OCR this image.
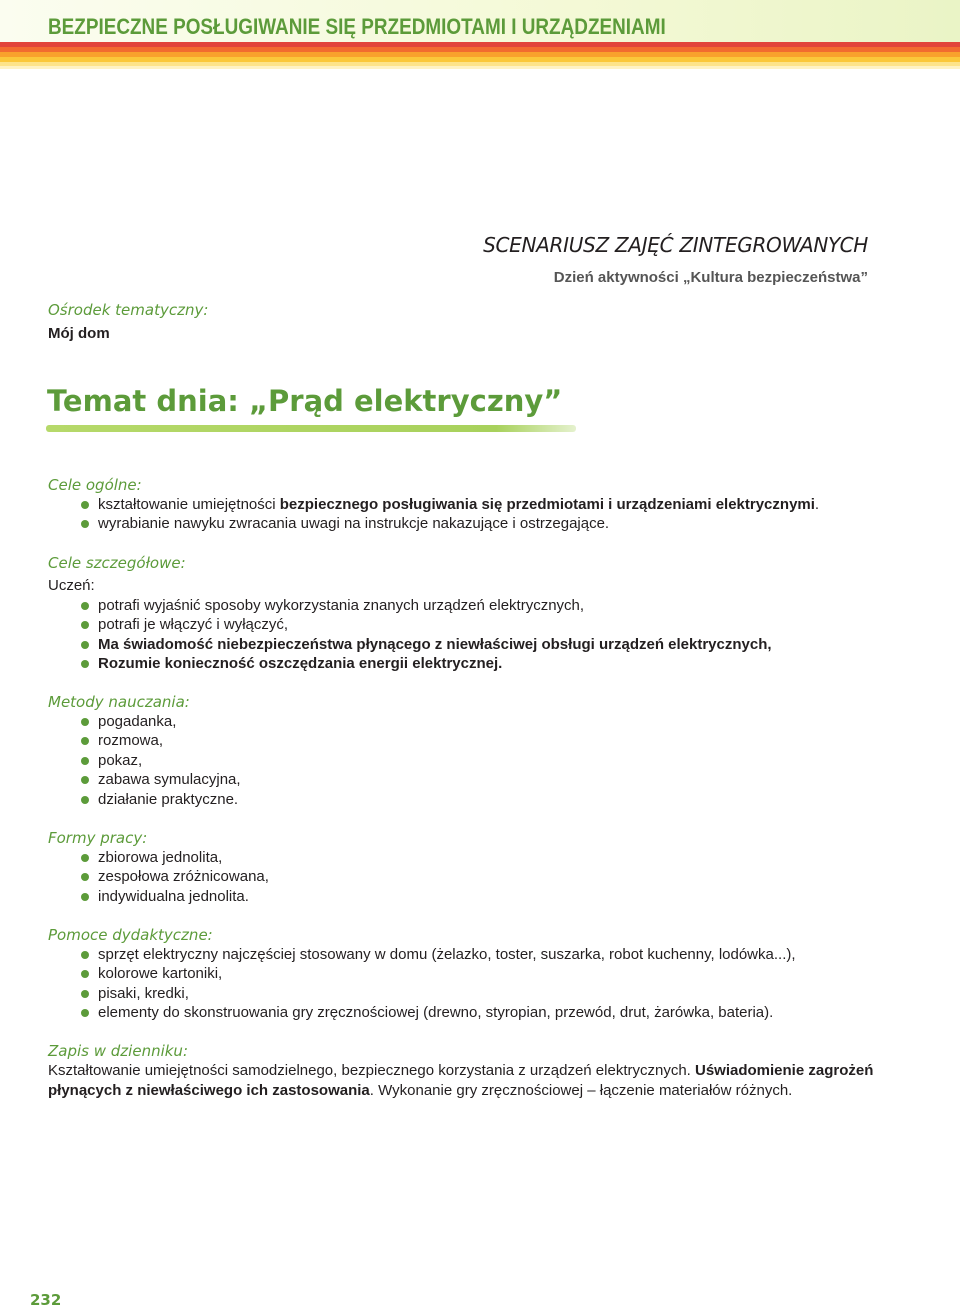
BEZPIECZNE POSŁUGIWANIE SIĘ PRZEDMIOTAMI I URZĄDZENIAMI
SCENARIUSZ ZAJĘĆ ZINTEGROWANYCH

Dzień aktywności „Kultura bezpieczeństwa”

Ośrodek tematyczny:

Mój dom

Temat dnia: „Prąd elektryczny”

Cele ogólne:

kształtowanie umiejętności bezpiecznego posługiwania się przedmiotami i urządzeniami elektrycznymi.
wyrabianie nawyku zwracania uwagi na instrukcje nakazujące i ostrzegające.

Cele szczegółowe:

Uczeń:

potrafi wyjaśnić sposoby wykorzystania znanych urządzeń elektrycznych,
potrafi je włączyć i wyłączyć,
Ma świadomość niebezpieczeństwa płynącego z niewłaściwej obsługi urządzeń elektrycznych,
Rozumie konieczność oszczędzania energii elektrycznej.

Metody nauczania:

pogadanka,
rozmowa,
pokaz,
zabawa symulacyjna,
działanie praktyczne.

Formy pracy:

zbiorowa jednolita,
zespołowa zróżnicowana,
indywidualna jednolita.

Pomoce dydaktyczne:

sprzęt elektryczny najczęściej stosowany w domu (żelazko, toster, suszarka, robot kuchenny, lodówka...),
kolorowe kartoniki,
pisaki, kredki,
elementy do skonstruowania gry zręcznościowej (drewno, styropian, przewód, drut, żarówka, bateria).

Zapis w dzienniku:

Kształtowanie umiejętności samodzielnego, bezpiecznego korzystania z urządzeń elektrycznych. Uświadomienie zagrożeń płynących z niewłaściwego ich zastosowania. Wykonanie gry zręcznościowej – łączenie materiałów różnych.

232
